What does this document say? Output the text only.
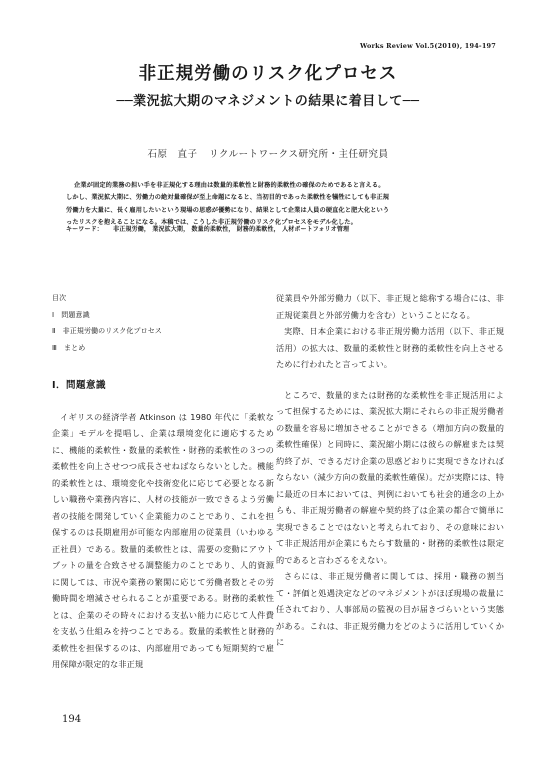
Works Review Vol.5(2010), 194-197
非正規労働のリスク化プロセス
──業況拡大期のマネジメントの結果に着目して──
石原　直子 リクルートワークス研究所・主任研究員

企業が固定的業務の担い手を非正規化する理由は数量的柔軟性と財務的柔軟性の確保のためであると言える。

しかし、業況拡大期に、労働力の絶対量確保が至上命題になると、当初目的であった柔軟性を犠牲にしても非正規

労働力を大量に、長く雇用したいという現場の思惑が優勢になり、結果として企業は人員の硬直化と肥大化という

ったリスクを抱えることになる。本稿では、こうした非正規労働のリスク化プロセスをモデル化した。

キーワード： 非正規労働， 業況拡大期， 数量的柔軟性， 財務的柔軟性， 人材ポートフォリオ管理
目次
Ⅰ　問題意識
Ⅱ　非正規労働のリスク化プロセス
Ⅲ　まとめ
Ⅰ．問題意識

イギリスの経済学者 Atkinson は 1980 年代に「柔軟な企業」モデルを提唱し、企業は環境変化に適応するために、機能的柔軟性・数量的柔軟性・財務的柔軟性の３つの柔軟性を向上させつつ成長させねばならないとした。機能的柔軟性とは、環境変化や技術変化に応じて必要となる新しい職務や業務内容に、人材の技能が一致できるよう労働者の技能を開発していく企業能力のことであり、これを担保するのは長期雇用が可能な内部雇用の従業員（いわゆる正社員）である。数量的柔軟性とは、需要の変動にアウトプットの量を合致させる調整能力のことであり、人的資源に関しては、市況や業務の繁閑に応じて労働者数とその労働時間を増減させられることが重要である。財務的柔軟性とは、企業のその時々における支払い能力に応じて人件費を支払う仕組みを持つことである。数量的柔軟性と財務的柔軟性を担保するのは、内部雇用であっても短期契約で雇用保障が限定的な非正規

従業員や外部労働力（以下、非正規と総称する場合には、非正規従業員と外部労働力を含む）ということになる。

実際、日本企業における非正規労働力活用（以下、非正規活用）の拡大は、数量的柔軟性と財務的柔軟性を向上させるために行われたと言ってよい。

ところで、数量的または財務的な柔軟性を非正規活用によって担保するためには、業況拡大期にそれらの非正規労働者の数量を容易に増加させることができる（増加方向の数量的柔軟性確保）と同時に、業況縮小期には彼らの解雇または契約終了が、できるだけ企業の思惑どおりに実現できなければならない（減少方向の数量的柔軟性確保）。だが実際には、特に最近の日本においては、判例においても社会的通念の上からも、非正規労働者の解雇や契約終了は企業の都合で簡単に実現できることではないと考えられており、その意味において非正規活用が企業にもたらす数量的・財務的柔軟性は限定的であると言わざるをえない。

さらには、非正規労働者に関しては、採用・職務の割当て・評価と処遇決定などのマネジメントがほぼ現場の裁量に任されており、人事部局の監視の目が届きづらいという実態がある。これは、非正規労働力をどのように活用していくかに

194
